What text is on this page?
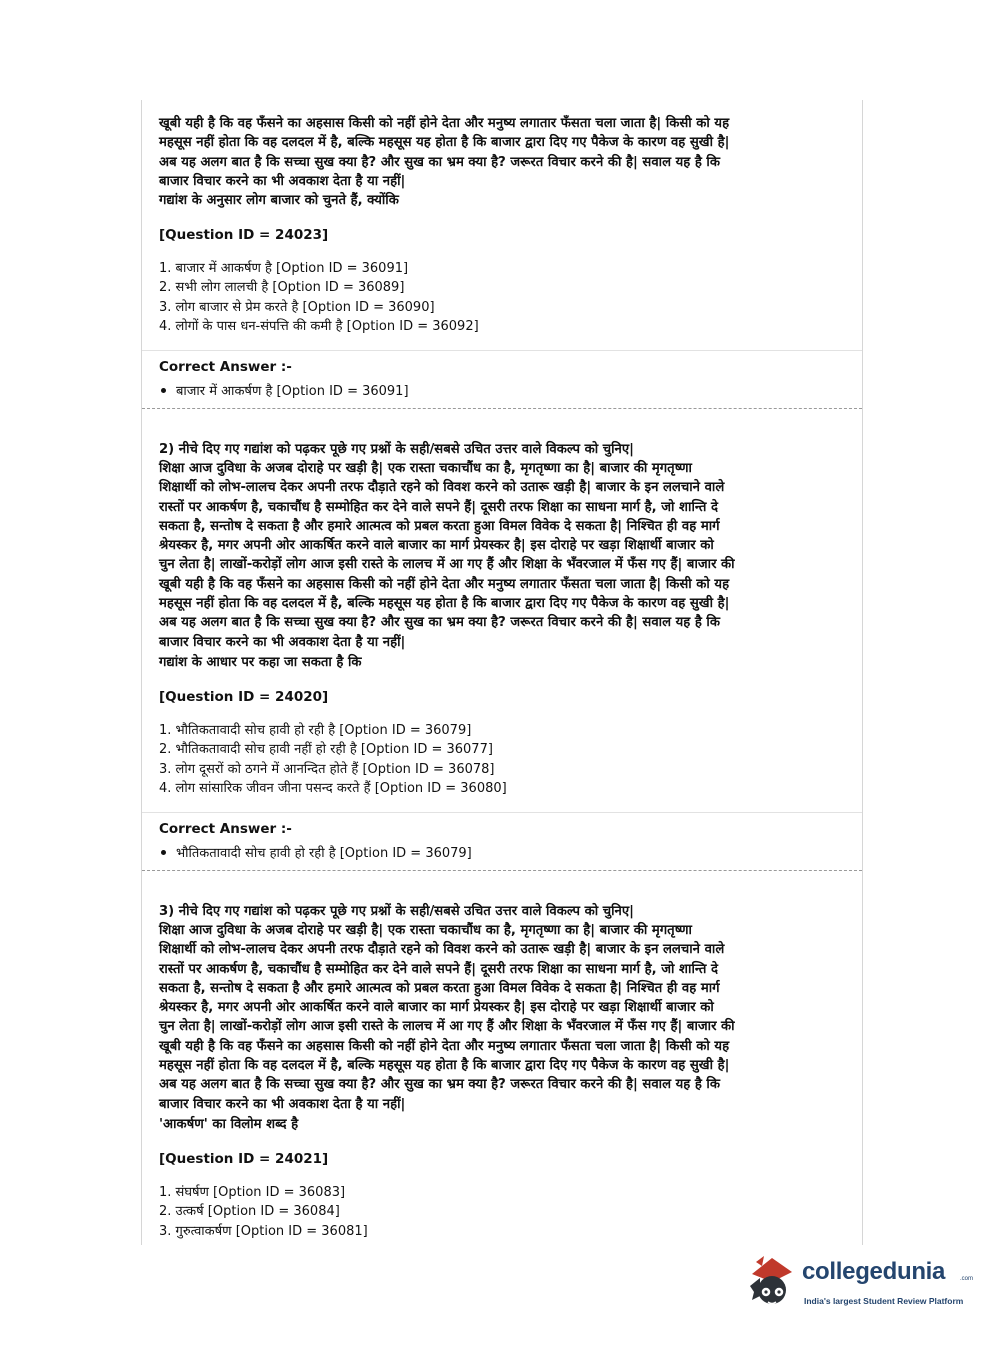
खूबी यही है कि वह फँसने का अहसास किसी को नहीं होने देता और मनुष्य लगातार फँसता चला जाता है| किसी को यह
महसूस नहीं होता कि वह दलदल में है, बल्कि महसूस यह होता है कि बाजार द्वारा दिए गए पैकेज के कारण वह सुखी है|
अब यह अलग बात है कि सच्चा सुख क्या है? और सुख का भ्रम क्या है? जरूरत विचार करने की है| सवाल यह है कि
बाजार विचार करने का भी अवकाश देता है या नहीं|

गद्यांश के अनुसार लोग बाजार को चुनते हैं, क्योंकि

[Question ID = 24023]

1. बाजार में आकर्षण है [Option ID = 36091]
2. सभी लोग लालची है [Option ID = 36089]
3. लोग बाजार से प्रेम करते है [Option ID = 36090]
4. लोगों के पास धन-संपत्ति की कमी है [Option ID = 36092]

Correct Answer :-

बाजार में आकर्षण है [Option ID = 36091]

2) नीचे दिए गए गद्यांश को पढ़कर पूछे गए प्रश्नों के सही/सबसे उचित उत्तर वाले विकल्प को चुनिए|

शिक्षा आज दुविधा के अजब दोराहे पर खड़ी है| एक रास्ता चकाचौंध का है, मृगतृष्णा का है| बाजार की मृगतृष्णा
शिक्षार्थी को लोभ-लालच देकर अपनी तरफ दौड़ाते रहने को विवश करने को उतारू खड़ी है| बाजार के इन ललचाने वाले
रास्तों पर आकर्षण है, चकाचौंध है सम्मोहित कर देने वाले सपने हैं| दूसरी तरफ शिक्षा का साधना मार्ग है, जो शान्ति दे
सकता है, सन्तोष दे सकता है और हमारे आत्मत्व को प्रबल करता हुआ विमल विवेक दे सकता है| निश्चित ही वह मार्ग
श्रेयस्कर है, मगर अपनी ओर आकर्षित करने वाले बाजार का मार्ग प्रेयस्कर है| इस दोराहे पर खड़ा शिक्षार्थी बाजार को
चुन लेता है| लाखों-करोड़ों लोग आज इसी रास्ते के लालच में आ गए हैं और शिक्षा के भँवरजाल में फँस गए हैं| बाजार की
खूबी यही है कि वह फँसने का अहसास किसी को नहीं होने देता और मनुष्य लगातार फँसता चला जाता है| किसी को यह
महसूस नहीं होता कि वह दलदल में है, बल्कि महसूस यह होता है कि बाजार द्वारा दिए गए पैकेज के कारण वह सुखी है|
अब यह अलग बात है कि सच्चा सुख क्या है? और सुख का भ्रम क्या है? जरूरत विचार करने की है| सवाल यह है कि
बाजार विचार करने का भी अवकाश देता है या नहीं|

गद्यांश के आधार पर कहा जा सकता है कि

[Question ID = 24020]

1. भौतिकतावादी सोच हावी हो रही है [Option ID = 36079]
2. भौतिकतावादी सोच हावी नहीं हो रही है [Option ID = 36077]
3. लोग दूसरों को ठगने में आनन्दित होते हैं [Option ID = 36078]
4. लोग सांसारिक जीवन जीना पसन्द करते हैं [Option ID = 36080]

Correct Answer :-

भौतिकतावादी सोच हावी हो रही है [Option ID = 36079]

3) नीचे दिए गए गद्यांश को पढ़कर पूछे गए प्रश्नों के सही/सबसे उचित उत्तर वाले विकल्प को चुनिए|

शिक्षा आज दुविधा के अजब दोराहे पर खड़ी है| एक रास्ता चकाचौंध का है, मृगतृष्णा का है| बाजार की मृगतृष्णा
शिक्षार्थी को लोभ-लालच देकर अपनी तरफ दौड़ाते रहने को विवश करने को उतारू खड़ी है| बाजार के इन ललचाने वाले
रास्तों पर आकर्षण है, चकाचौंध है सम्मोहित कर देने वाले सपने हैं| दूसरी तरफ शिक्षा का साधना मार्ग है, जो शान्ति दे
सकता है, सन्तोष दे सकता है और हमारे आत्मत्व को प्रबल करता हुआ विमल विवेक दे सकता है| निश्चित ही वह मार्ग
श्रेयस्कर है, मगर अपनी ओर आकर्षित करने वाले बाजार का मार्ग प्रेयस्कर है| इस दोराहे पर खड़ा शिक्षार्थी बाजार को
चुन लेता है| लाखों-करोड़ों लोग आज इसी रास्ते के लालच में आ गए हैं और शिक्षा के भँवरजाल में फँस गए हैं| बाजार की
खूबी यही है कि वह फँसने का अहसास किसी को नहीं होने देता और मनुष्य लगातार फँसता चला जाता है| किसी को यह
महसूस नहीं होता कि वह दलदल में है, बल्कि महसूस यह होता है कि बाजार द्वारा दिए गए पैकेज के कारण वह सुखी है|
अब यह अलग बात है कि सच्चा सुख क्या है? और सुख का भ्रम क्या है? जरूरत विचार करने की है| सवाल यह है कि
बाजार विचार करने का भी अवकाश देता है या नहीं|

'आकर्षण' का विलोम शब्द है

[Question ID = 24021]

1. संघर्षण [Option ID = 36083]
2. उत्कर्ष [Option ID = 36084]
3. गुरुत्वाकर्षण [Option ID = 36081]
collegedunia .com
India's largest Student Review Platform
